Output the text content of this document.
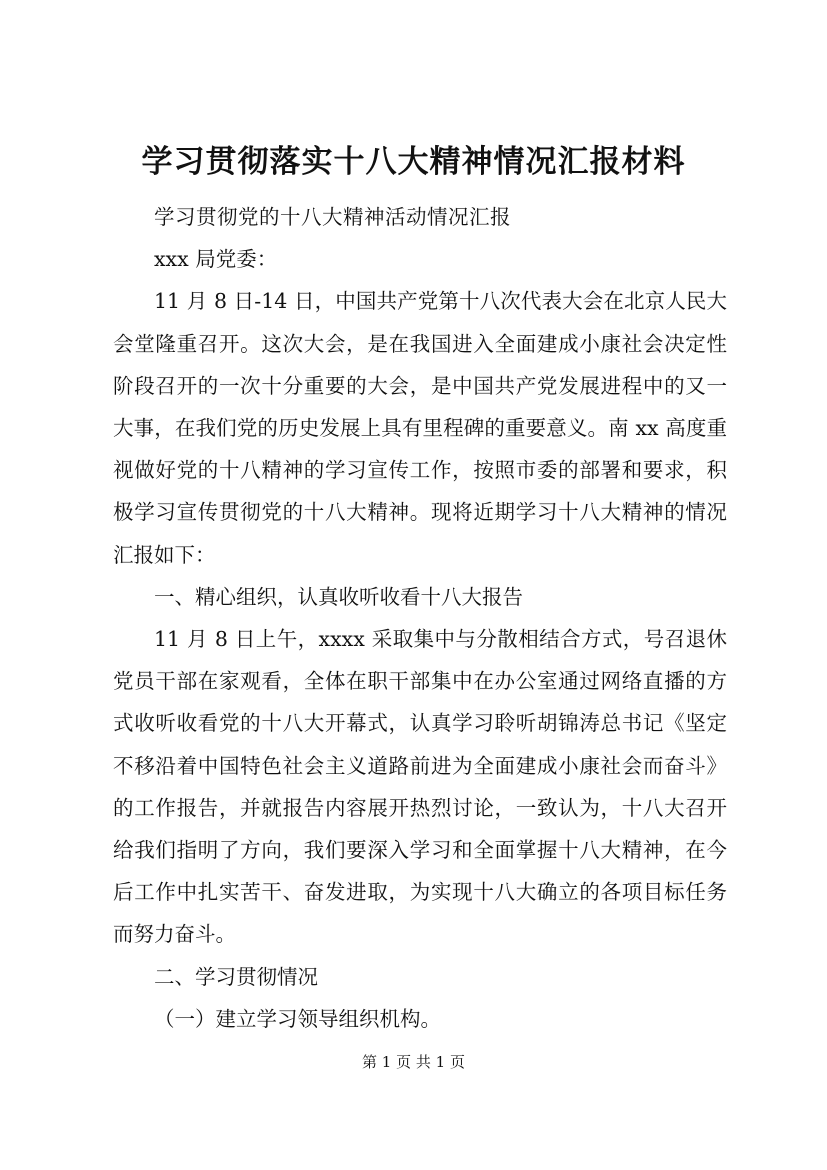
学习贯彻落实十八大精神情况汇报材料

学习贯彻党的十八大精神活动情况汇报

xxx 局党委：

11 月 8 日-14 日，中国共产党第十八次代表大会在北京人民大会堂隆重召开。这次大会，是在我国进入全面建成小康社会决定性阶段召开的一次十分重要的大会，是中国共产党发展进程中的又一大事，在我们党的历史发展上具有里程碑的重要意义。南 xx 高度重视做好党的十八精神的学习宣传工作，按照市委的部署和要求，积极学习宣传贯彻党的十八大精神。现将近期学习十八大精神的情况汇报如下：

一、精心组织，认真收听收看十八大报告

11 月 8 日上午，xxxx 采取集中与分散相结合方式，号召退休党员干部在家观看，全体在职干部集中在办公室通过网络直播的方式收听收看党的十八大开幕式，认真学习聆听胡锦涛总书记《坚定不移沿着中国特色社会主义道路前进为全面建成小康社会而奋斗》的工作报告，并就报告内容展开热烈讨论，一致认为，十八大召开给我们指明了方向，我们要深入学习和全面掌握十八大精神，在今后工作中扎实苦干、奋发进取，为实现十八大确立的各项目标任务而努力奋斗。

二、学习贯彻情况

（一）建立学习领导组织机构。

第 1 页 共 1 页
